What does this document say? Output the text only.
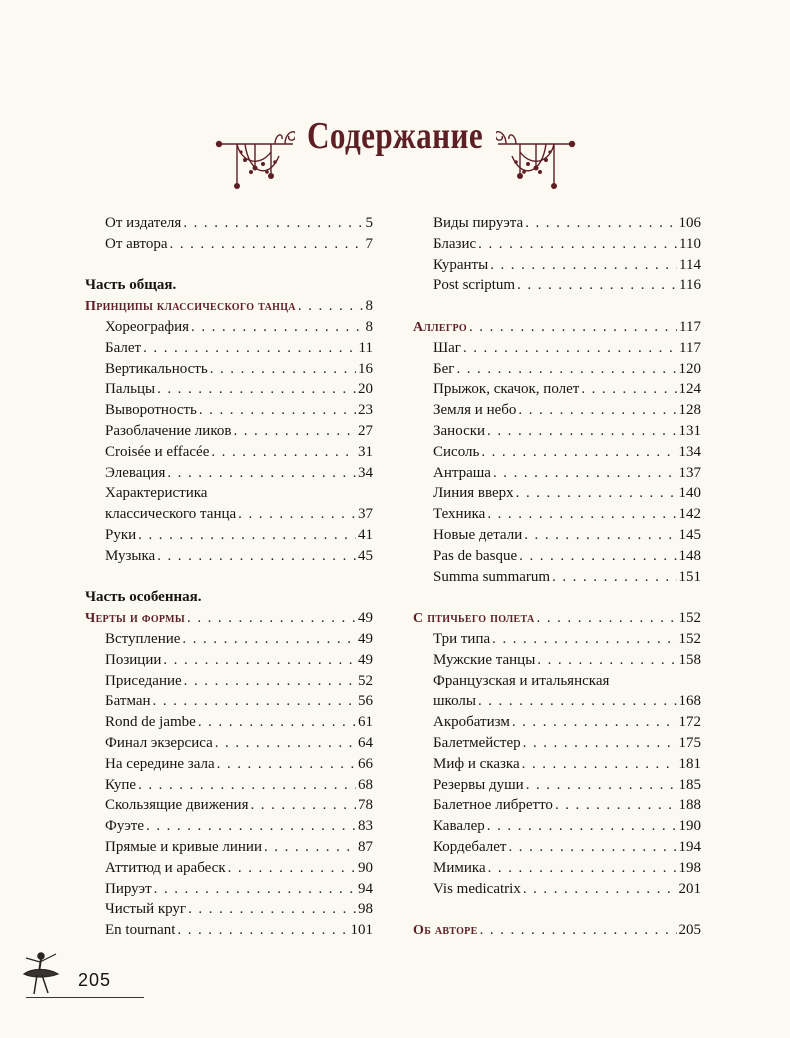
Содержание
От издателя . . .	5
От автора . . .	7
Часть общая.
Принципы классического танца . . .	8
Хореография . . .	8
Балет . . .	11
Вертикальность . . .	16
Пальцы . . .	20
Выворотность . . .	23
Разоблачение ликов . . .	27
Croisée и effacée . . .	31
Элевация . . .	34
Характеристика
классического танца . . .	37
Руки . . .	41
Музыка . . .	45
Часть особенная.
Черты и формы . . .	49
Вступление . . .	49
Позиции . . .	49
Приседание . . .	52
Батман . . .	56
Rond de jambe . . .	61
Финал экзерсиса . . .	64
На середине зала . . .	66
Купе . . .	68
Скользящие движения . . .	78
Фуэте . . .	83
Прямые и кривые линии . . .	87
Аттитюд и арабеск . . .	90
Пируэт . . .	94
Чистый круг . . .	98
En tournant . . .	101
Виды пируэта . . .	106
Блазис . . .	110
Куранты . . .	114
Post scriptum . . .	116
Аллегро . . .	117
Шаг . . .	117
Бег . . .	120
Прыжок, скачок, полет . . .	124
Земля и небо . . .	128
Заноски . . .	131
Сисоль . . .	134
Антраша . . .	137
Линия вверх . . .	140
Техника . . .	142
Новые детали . . .	145
Pas de basque . . .	148
Summa summarum . . .	151
С птичьего полета . . .	152
Три типа . . .	152
Мужские танцы . . .	158
Французская и итальянская
школы . . .	168
Акробатизм . . .	172
Балетмейстер . . .	175
Миф и сказка . . .	181
Резервы души . . .	185
Балетное либретто . . .	188
Кавалер . . .	190
Кордебалет . . .	194
Мимика . . .	198
Vis medicatrix . . .	201
Об авторе . . .	205
205
